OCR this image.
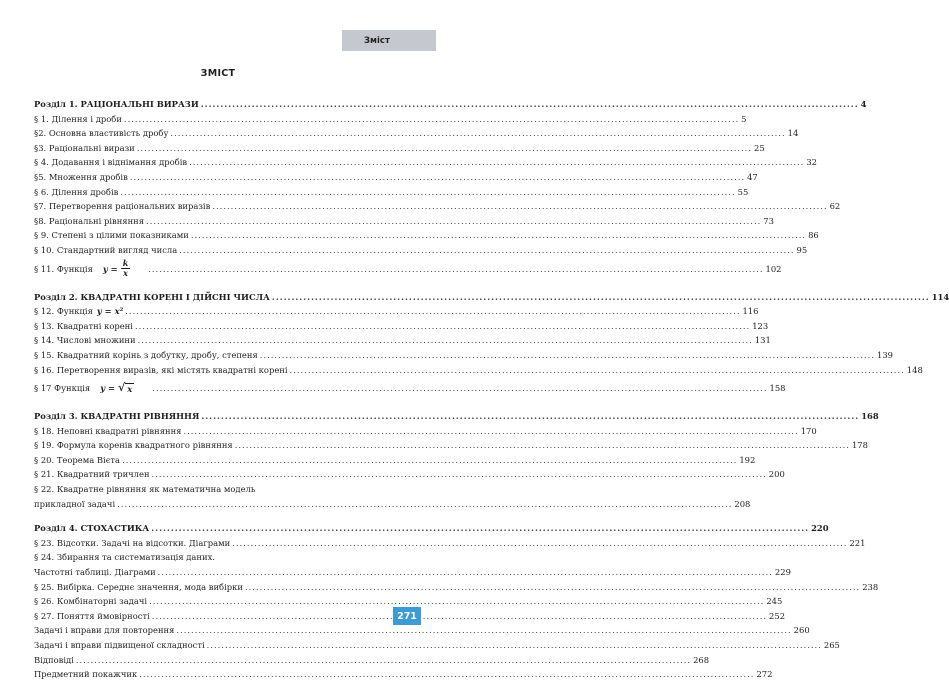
Зміст
ЗМІСТ
Розділ 1. РАЦІОНАЛЬНІ ВИРАЗИ .....	4
§ 1. Ділення і дроби .....	5
§2. Основна властивість дробу .....	14
§3. Раціональні вирази .....	25
§ 4. Додавання і віднімання дробів .....	32
§5. Множення дробів .....	47
§ 6. Ділення дробів .....	55
§7. Перетворення раціональних виразів .....	62
§8. Раціональні рівняння .....	73
§ 9. Степені з цілими показниками .....	86
§ 10. Стандартний вигляд числа .....	95
§ 11. Функція $y = \frac{k}{x}$ .....	102
Розділ 2. КВАДРАТНІ КОРЕНІ І ДІЙСНІ ЧИСЛА .....	114
§ 12. Функція y = x² .....	116
§ 13. Квадратні корені .....	123
§ 14. Числові множини .....	131
§ 15. Квадратний корінь з добутку, дробу, степеня .....	139
§ 16. Перетворення виразів, які містять квадратні корені .....	148
§ 17 Функція y = √ x .....	158
Розділ 3. КВАДРАТНІ РІВНЯННЯ .....	168
§ 18. Неповні квадратні рівняння .....	170
§ 19. Формула коренів квадратного рівняння .....	178
§ 20. Теорема Вієта .....	192
§ 21. Квадратний тричлен .....	200
§ 22. Квадратне рівняння як математична модель
прикладної задачі .....	208
Розділ 4. СТОХАСТИКА .....	220
§ 23. Відсотки. Задачі на відсотки. Діаграми .....	221
§ 24. Збирання та систематизація даних.
Частотні таблиці. Діаграми .....	229
§ 25. Вибірка. Середнє значення, мода вибірки .....	238
§ 26. Комбінаторні задачі .....	245
§ 27. Поняття ймовірності .....	252
Задачі і вправи для повторення .....	260
Задачі і вправи підвищеної складності .....	265
Відповіді .....	268
Предметний покажчик .....	272
271
